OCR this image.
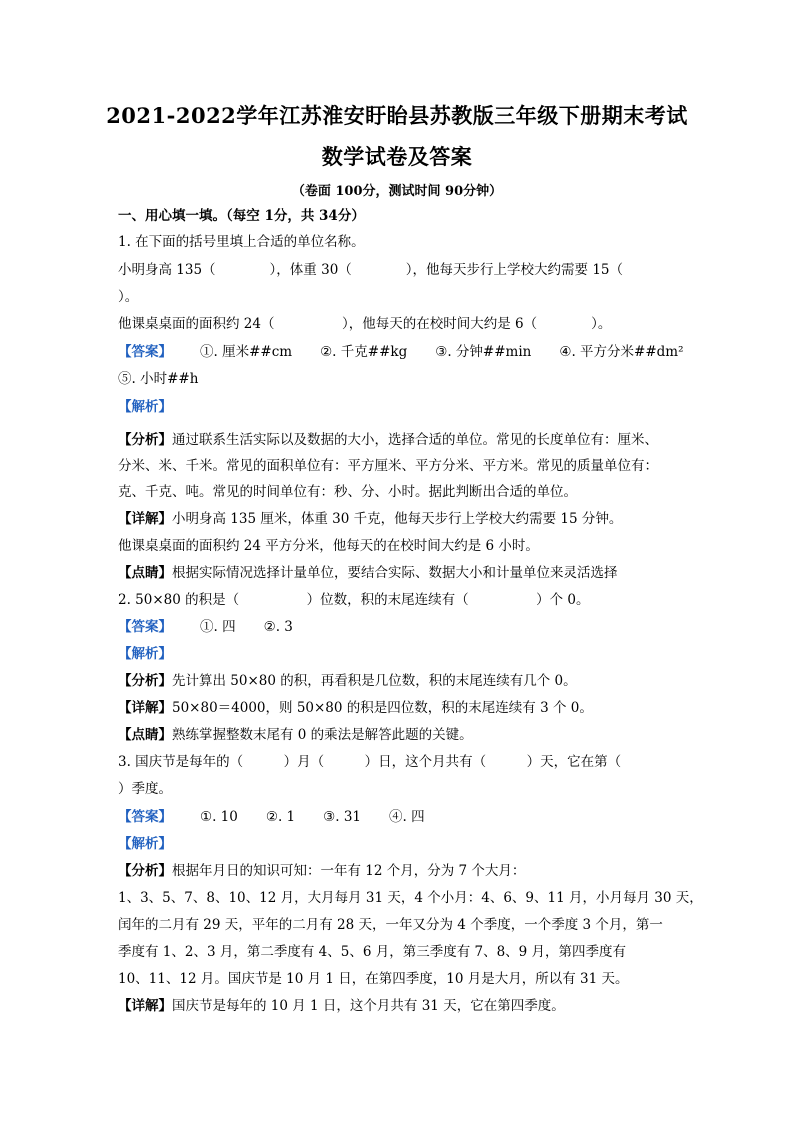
2021-2022学年江苏淮安盱眙县苏教版三年级下册期末考试
数学试卷及答案
（卷面 100分，测试时间 90分钟）
一、用心填一填。（每空 1分，共 34分）
1. 在下面的括号里填上合适的单位名称。
小明身高 135（　　　　），体重 30（　　　　），他每天步行上学校大约需要 15（
）。
他课桌桌面的面积约 24（　　　　　），他每天的在校时间大约是 6（　　　　）。
【答案】 ①. 厘米##cm ②. 千克##kg ③. 分钟##min ④. 平方分米##dm²
⑤. 小时##h
【解析】
【分析】通过联系生活实际以及数据的大小，选择合适的单位。常见的长度单位有：厘米、
分米、米、千米。常见的面积单位有：平方厘米、平方分米、平方米。常见的质量单位有：
克、千克、吨。常见的时间单位有：秒、分、小时。据此判断出合适的单位。
【详解】小明身高 135 厘米，体重 30 千克，他每天步行上学校大约需要 15 分钟。
他课桌桌面的面积约 24 平方分米，他每天的在校时间大约是 6 小时。
【点睛】根据实际情况选择计量单位，要结合实际、数据大小和计量单位来灵活选择
2. 50×80 的积是（　　　　　）位数，积的末尾连续有（　　　　　）个 0。
【答案】 ①. 四 ②. 3
【解析】
【分析】先计算出 50×80 的积，再看积是几位数，积的末尾连续有几个 0。
【详解】50×80＝4000，则 50×80 的积是四位数，积的末尾连续有 3 个 0。
【点睛】熟练掌握整数末尾有 0 的乘法是解答此题的关键。
3. 国庆节是每年的（　　　）月（　　　）日，这个月共有（　　　）天，它在第（
）季度。
【答案】 ①. 10 ②. 1 ③. 31 ④. 四
【解析】
【分析】根据年月日的知识可知：一年有 12 个月，分为 7 个大月：
1、3、5、7、8、10、12 月，大月每月 31 天，4 个小月：4、6、9、11 月，小月每月 30 天，
闰年的二月有 29 天，平年的二月有 28 天，一年又分为 4 个季度，一个季度 3 个月，第一
季度有 1、2、3 月，第二季度有 4、5、6 月，第三季度有 7、8、9 月，第四季度有
10、11、12 月。国庆节是 10 月 1 日，在第四季度，10 月是大月，所以有 31 天。
【详解】国庆节是每年的 10 月 1 日，这个月共有 31 天，它在第四季度。
